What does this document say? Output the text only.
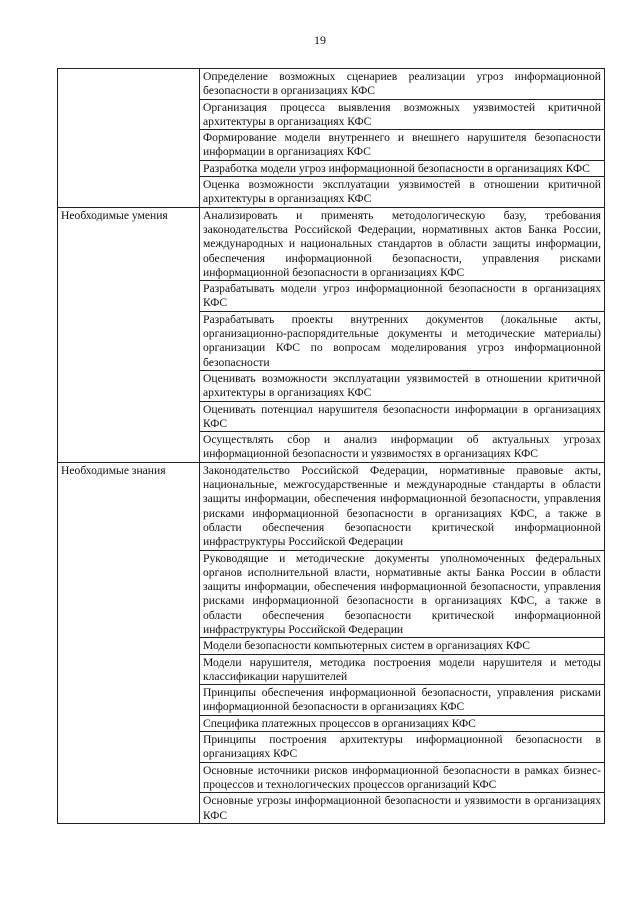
19
	Определение возможных сценариев реализации угроз информационной безопасности в организациях КФС
	Организация процесса выявления возможных уязвимостей критичной архитектуры в организациях КФС
	Формирование модели внутреннего и внешнего нарушителя безопасности информации в организациях КФС
	Разработка модели угроз информационной безопасности в организациях КФС
	Оценка возможности эксплуатации уязвимостей в отношении критичной архитектуры в организациях КФС
Необходимые умения	Анализировать и применять методологическую базу, требования законодательства Российской Федерации, нормативных актов Банка России, международных и национальных стандартов в области защиты информации, обеспечения информационной безопасности, управления рисками информационной безопасности в организациях КФС
	Разрабатывать модели угроз информационной безопасности в организациях КФС
	Разрабатывать проекты внутренних документов (локальные акты, организационно-распорядительные документы и методические материалы) организации КФС по вопросам моделирования угроз информационной безопасности
	Оценивать возможности эксплуатации уязвимостей в отношении критичной архитектуры в организациях КФС
	Оценивать потенциал нарушителя безопасности информации в организациях КФС
	Осуществлять сбор и анализ информации об актуальных угрозах информационной безопасности и уязвимостях в организациях КФС
Необходимые знания	Законодательство Российской Федерации, нормативные правовые акты, национальные, межгосударственные и международные стандарты в области защиты информации, обеспечения информационной безопасности, управления рисками информационной безопасности в организациях КФС, а также в области обеспечения безопасности критической информационной инфраструктуры Российской Федерации
	Руководящие и методические документы уполномоченных федеральных органов исполнительной власти, нормативные акты Банка России в области защиты информации, обеспечения информационной безопасности, управления рисками информационной безопасности в организациях КФС, а также в области обеспечения безопасности критической информационной инфраструктуры Российской Федерации
	Модели безопасности компьютерных систем в организациях КФС
	Модели нарушителя, методика построения модели нарушителя и методы классификации нарушителей
	Принципы обеспечения информационной безопасности, управления рисками информационной безопасности в организациях КФС
	Специфика платежных процессов в организациях КФС
	Принципы построения архитектуры информационной безопасности в организациях КФС
	Основные источники рисков информационной безопасности в рамках бизнес-процессов и технологических процессов организаций КФС
	Основные угрозы информационной безопасности и уязвимости в организациях КФС
